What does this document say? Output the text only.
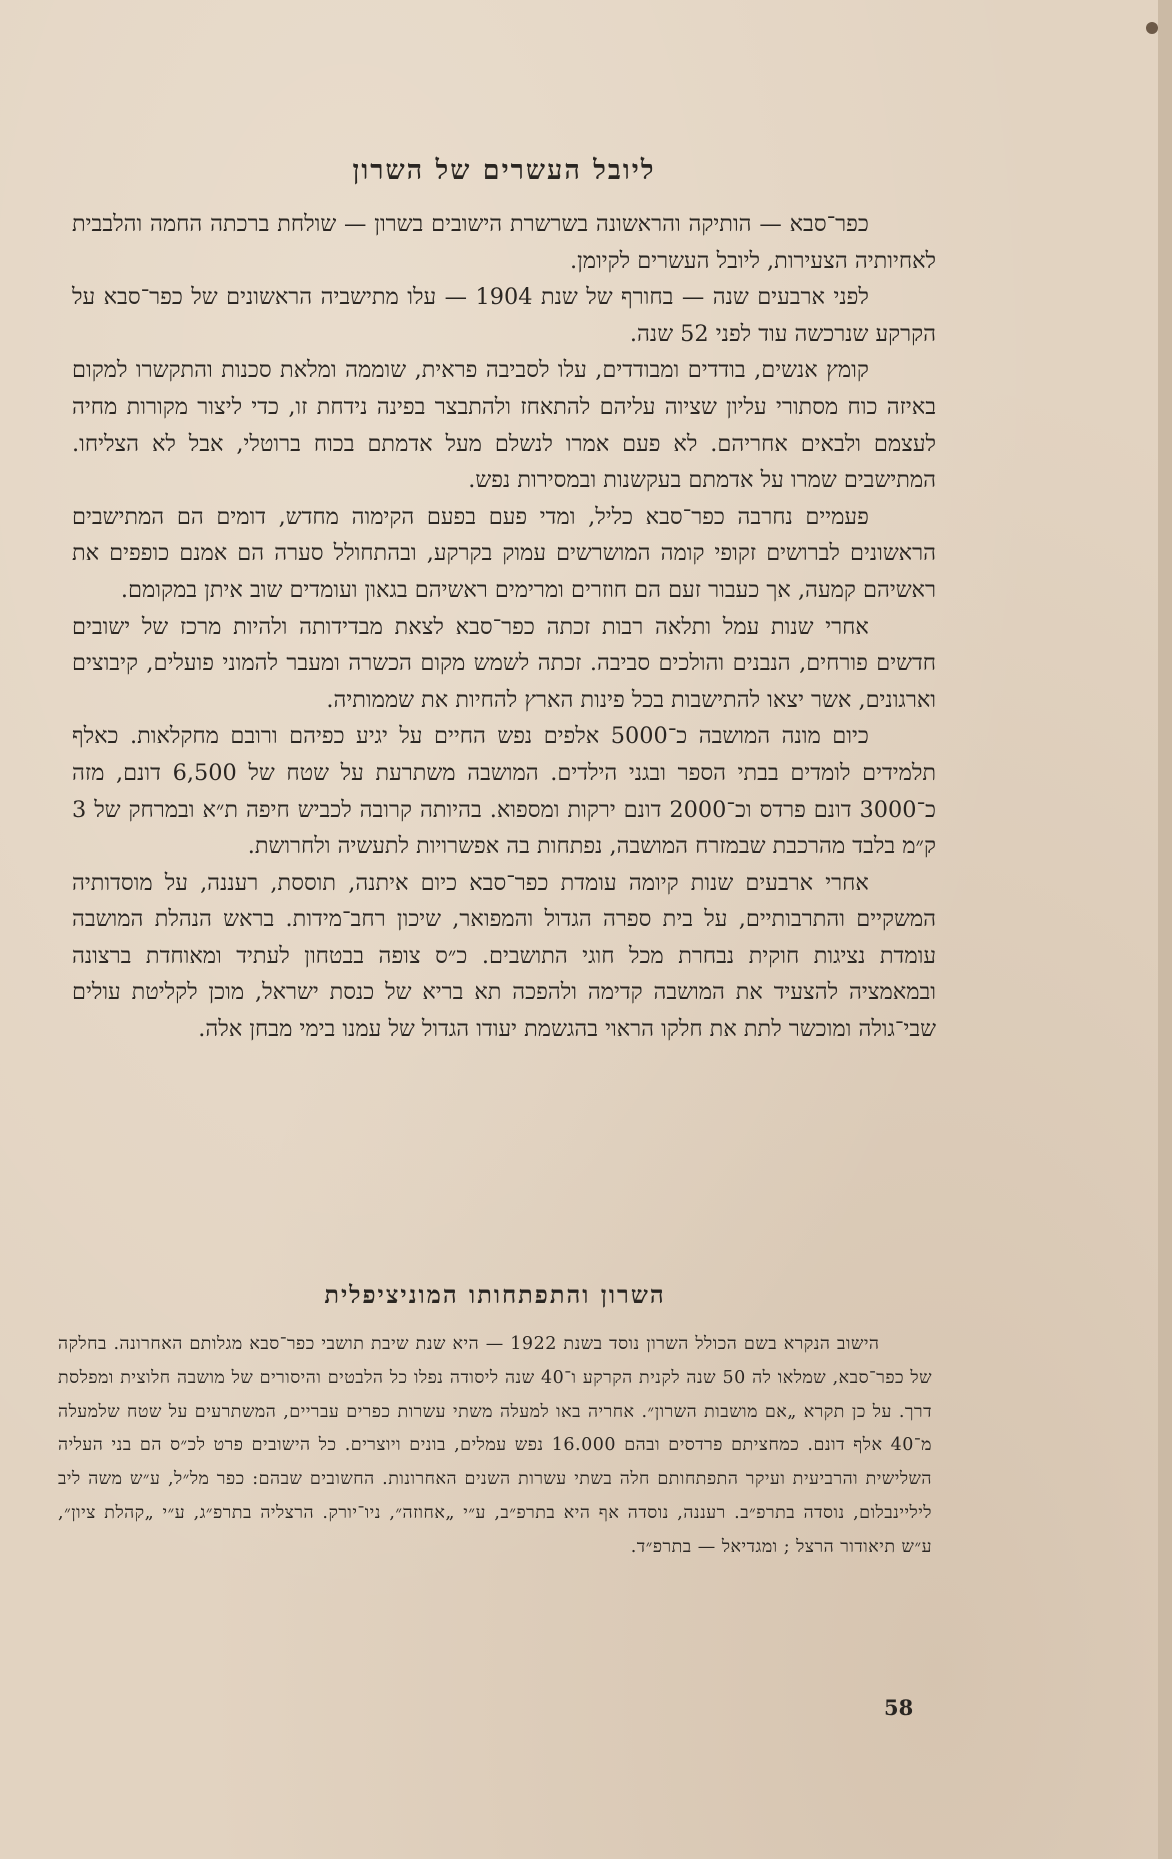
ליובל העשרים של השרון

כפר־סבא — הותיקה והראשונה בשרשרת הישובים בשרון — שולחת ברכתה החמה והלבבית לאחיותיה הצעירות, ליובל העשרים לקיומן.

לפני ארבעים שנה — בחורף של שנת 1904 — עלו מתישביה הראשונים של כפר־סבא על הקרקע שנרכשה עוד לפני 52 שנה.

קומץ אנשים, בודדים ומבודדים, עלו לסביבה פראית, שוממה ומלאת סכנות והתקשרו למקום באיזה כוח מסתורי עליון שציוה עליהם להתאחז ולהתבצר בפינה נידחת זו, כדי ליצור מקורות מחיה לעצמם ולבאים אחריהם. לא פעם אמרו לנשלם מעל אדמתם בכוח ברוטלי, אבל לא הצליחו. המתישבים שמרו על אדמתם בעקשנות ובמסירות נפש.

פעמיים נחרבה כפר־סבא כליל, ומדי פעם בפעם הקימוה מחדש, דומים הם המתישבים הראשונים לברושים זקופי קומה המושרשים עמוק בקרקע, ובהתחולל סערה הם אמנם כופפים את ראשיהם קמעה, אך כעבור זעם הם חוזרים ומרימים ראשיהם בגאון ועומדים שוב איתן במקומם.

אחרי שנות עמל ותלאה רבות זכתה כפר־סבא לצאת מבדידותה ולהיות מרכז של ישובים חדשים פורחים, הנבנים והולכים סביבה. זכתה לשמש מקום הכשרה ומעבר להמוני פועלים, קיבוצים וארגונים, אשר יצאו להתישבות בכל פינות הארץ להחיות את שממותיה.

כיום מונה המושבה כ־5000 אלפים נפש החיים על יגיע כפיהם ורובם מחקלאות. כאלף תלמידים לומדים בבתי הספר ובגני הילדים. המושבה משתרעת על שטח של 6,500 דונם, מזה כ־3000 דונם פרדס וכ־2000 דונם ירקות ומספוא. בהיותה קרובה לכביש חיפה ת״א ובמרחק של 3 ק״מ בלבד מהרכבת שבמזרח המושבה, נפתחות בה אפשרויות לתעשיה ולחרושת.

אחרי ארבעים שנות קיומה עומדת כפר־סבא כיום איתנה, תוססת, רעננה, על מוסדותיה המשקיים והתרבותיים, על בית ספרה הגדול והמפואר, שיכון רחב־מידות. בראש הנהלת המושבה עומדת נציגות חוקית נבחרת מכל חוגי התושבים. כ״ס צופה בבטחון לעתיד ומאוחדת ברצונה ובמאמציה להצעיד את המושבה קדימה ולהפכה תא בריא של כנסת ישראל, מוכן לקליטת עולים שבי־גולה ומוכשר לתת את חלקו הראוי בהגשמת יעודו הגדול של עמנו בימי מבחן אלה.

השרון והתפתחותו המוניציפלית

הישוב הנקרא בשם הכולל השרון נוסד בשנת 1922 — היא שנת שיבת תושבי כפר־סבא מגלותם האחרונה. בחלקה של כפר־סבא, שמלאו לה 50 שנה לקנית הקרקע ו־40 שנה ליסודה נפלו כל הלבטים והיסורים של מושבה חלוצית ומפלסת דרך. על כן תקרא „אם מושבות השרון״. אחריה באו למעלה משתי עשרות כפרים עבריים, המשתרעים על שטח שלמעלה מ־40 אלף דונם. כמחציתם פרדסים ובהם 16.000 נפש עמלים, בונים ויוצרים. כל הישובים פרט לכ״ס הם בני העליה השלישית והרביעית ועיקר התפתחותם חלה בשתי עשרות השנים האחרונות. החשובים שבהם: כפר מל״ל, ע״ש משה ליב ליליינבלום, נוסדה בתרפ״ב. רעננה, נוסדה אף היא בתרפ״ב, ע״י „אחוזה״, ניו־יורק. הרצליה בתרפ״ג, ע״י „קהלת ציון״, ע״ש תיאודור הרצל ; ומגדיאל — בתרפ״ד.

58
